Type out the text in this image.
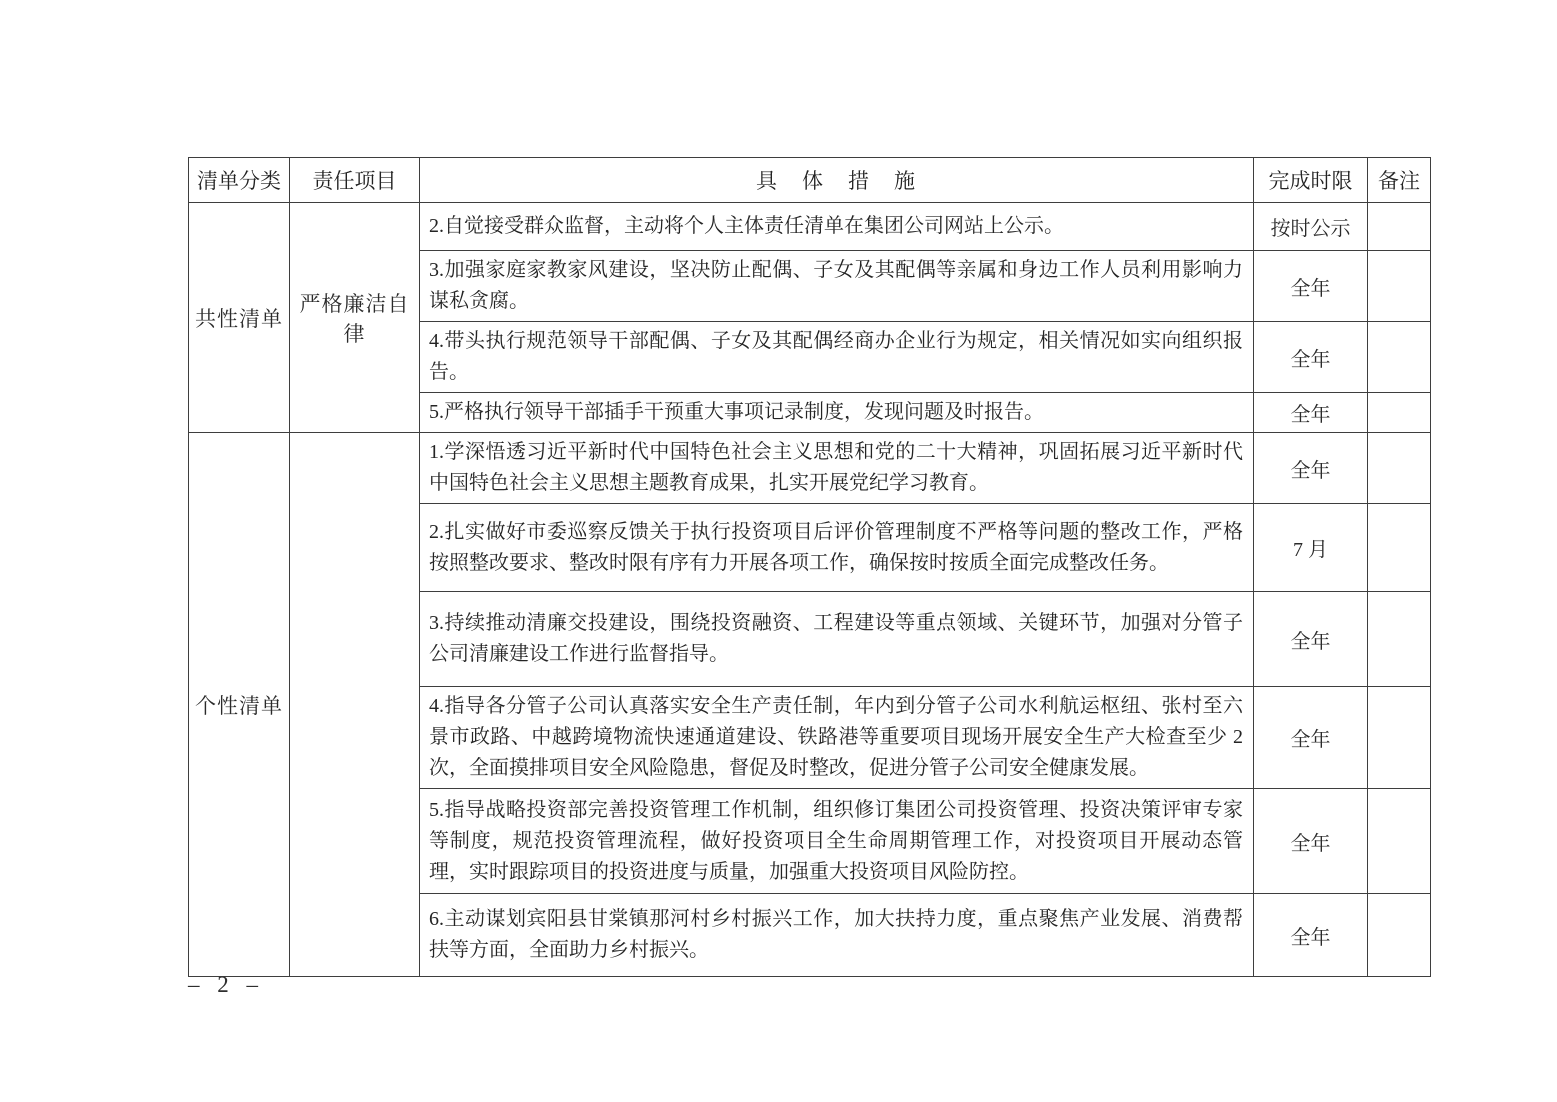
清单分类	责任项目	具　体　措　施	完成时限	备注
共性清单	严格廉洁自律	2.自觉接受群众监督，主动将个人主体责任清单在集团公司网站上公示。	按时公示	
		3.加强家庭家教家风建设，坚决防止配偶、子女及其配偶等亲属和身边工作人员利用影响力谋私贪腐。	全年	
		4.带头执行规范领导干部配偶、子女及其配偶经商办企业行为规定，相关情况如实向组织报告。	全年	
		5.严格执行领导干部插手干预重大事项记录制度，发现问题及时报告。	全年	
个性清单		1.学深悟透习近平新时代中国特色社会主义思想和党的二十大精神，巩固拓展习近平新时代中国特色社会主义思想主题教育成果，扎实开展党纪学习教育。	全年	
		2.扎实做好市委巡察反馈关于执行投资项目后评价管理制度不严格等问题的整改工作，严格按照整改要求、整改时限有序有力开展各项工作，确保按时按质全面完成整改任务。	7 月	
		3.持续推动清廉交投建设，围绕投资融资、工程建设等重点领域、关键环节，加强对分管子公司清廉建设工作进行监督指导。	全年	
		4.指导各分管子公司认真落实安全生产责任制，年内到分管子公司水利航运枢纽、张村至六景市政路、中越跨境物流快速通道建设、铁路港等重要项目现场开展安全生产大检查至少 2 次，全面摸排项目安全风险隐患，督促及时整改，促进分管子公司安全健康发展。	全年	
		5.指导战略投资部完善投资管理工作机制，组织修订集团公司投资管理、投资决策评审专家等制度，规范投资管理流程，做好投资项目全生命周期管理工作，对投资项目开展动态管理，实时跟踪项目的投资进度与质量，加强重大投资项目风险防控。	全年	
		6.主动谋划宾阳县甘棠镇那河村乡村振兴工作，加大扶持力度，重点聚焦产业发展、消费帮扶等方面，全面助力乡村振兴。	全年	
– 2 –
